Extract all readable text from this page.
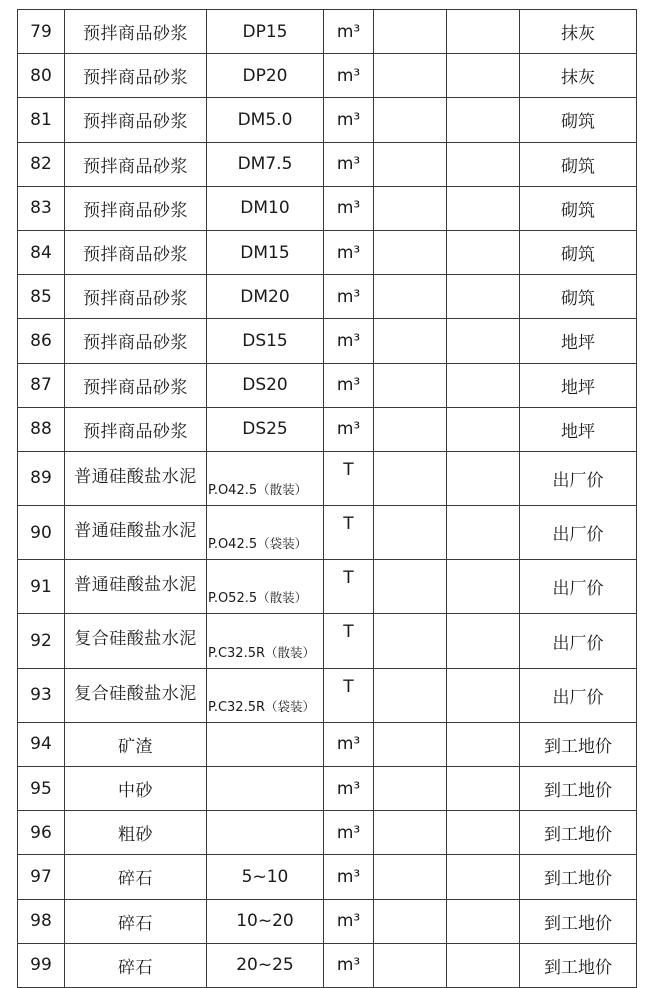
79	预拌商品砂浆	DP15	m³			抹灰
80	预拌商品砂浆	DP20	m³			抹灰
81	预拌商品砂浆	DM5.0	m³			砌筑
82	预拌商品砂浆	DM7.5	m³			砌筑
83	预拌商品砂浆	DM10	m³			砌筑
84	预拌商品砂浆	DM15	m³			砌筑
85	预拌商品砂浆	DM20	m³			砌筑
86	预拌商品砂浆	DS15	m³			地坪
87	预拌商品砂浆	DS20	m³			地坪
88	预拌商品砂浆	DS25	m³			地坪
89	普通硅酸盐水泥	P.O42.5（散装）	T			出厂价
90	普通硅酸盐水泥	P.O42.5（袋装）	T			出厂价
91	普通硅酸盐水泥	P.O52.5（散装）	T			出厂价
92	复合硅酸盐水泥	P.C32.5R（散装）	T			出厂价
93	复合硅酸盐水泥	P.C32.5R（袋装）	T			出厂价
94	矿渣		m³			到工地价
95	中砂		m³			到工地价
96	粗砂		m³			到工地价
97	碎石	5~10	m³			到工地价
98	碎石	10~20	m³			到工地价
99	碎石	20~25	m³			到工地价
